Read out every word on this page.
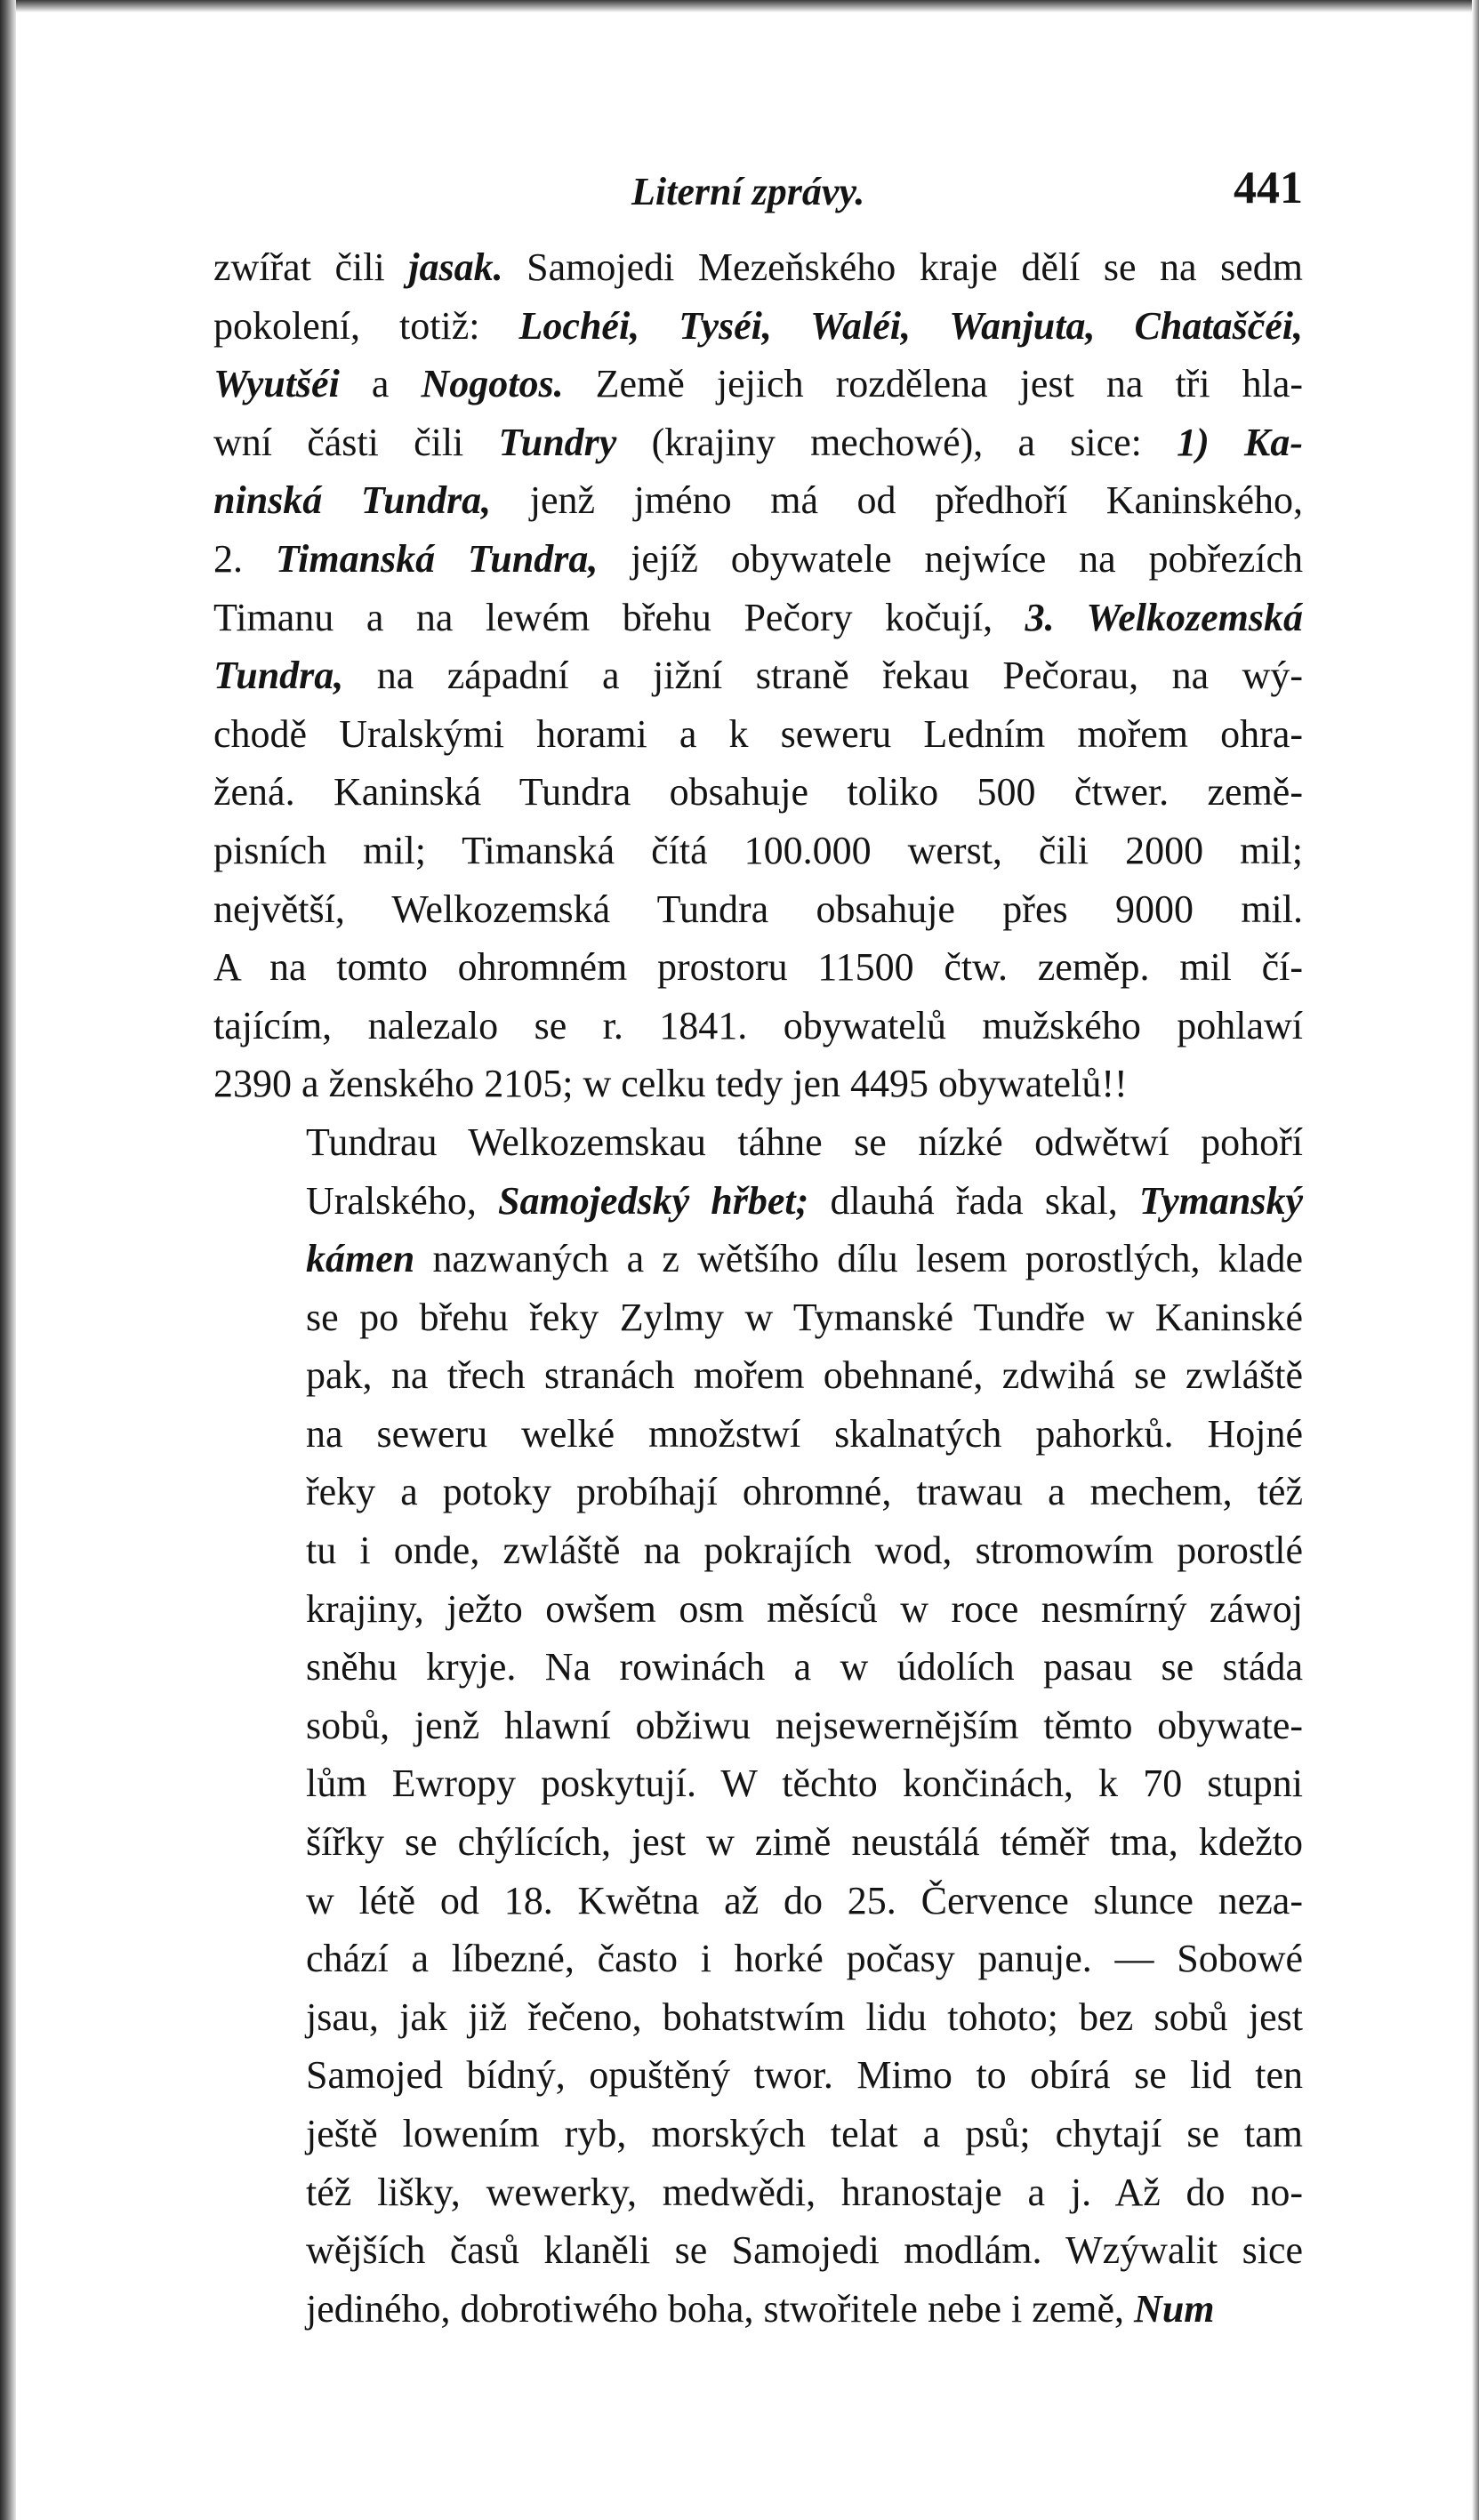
Literní zprávy.	441
zwířat čili jasak. Samojedi Mezeňského kraje dělí se na sedm
pokolení, totiž: Lochéi, Tyséi, Waléi, Wanjuta, Chataščéi,
Wyutšéi a Nogotos. Země jejich rozdělena jest na tři hla-
wní části čili Tundry (krajiny mechowé), a sice: 1) Ka-
ninská Tundra, jenž jméno má od předhoří Kaninského,
2. Timanská Tundra, jejíž obywatele nejwíce na pobřezích
Timanu a na lewém břehu Pečory kočují, 3. Welkozemská
Tundra, na západní a jižní straně řekau Pečorau, na wý-
chodě Uralskými horami a k seweru Ledním mořem ohra-
žená. Kaninská Tundra obsahuje toliko 500 čtwer. země-
pisních mil; Timanská čítá 100.000 werst, čili 2000 mil;
největší, Welkozemská Tundra obsahuje přes 9000 mil.
A na tomto ohromném prostoru 11500 čtw. zeměp. mil čí-
tajícím, nalezalo se r. 1841. obywatelů mužského pohlawí
2390 a ženského 2105; w celku tedy jen 4495 obywatelů!!
Tundrau Welkozemskau táhne se nízké odwětwí pohoří
Uralského, Samojedský hřbet; dlauhá řada skal, Tymanský
kámen nazwaných a z wětšího dílu lesem porostlých, klade
se po břehu řeky Zylmy w Tymanské Tundře w Kaninské
pak, na třech stranách mořem obehnané, zdwihá se zwláště
na seweru welké množstwí skalnatých pahorků. Hojné
řeky a potoky probíhají ohromné, trawau a mechem, též
tu i onde, zwláště na pokrajích wod, stromowím porostlé
krajiny, ježto owšem osm měsíců w roce nesmírný záwoj
sněhu kryje. Na rowinách a w údolích pasau se stáda
sobů, jenž hlawní obžiwu nejsewernějším těmto obywate-
lům Ewropy poskytují. W těchto končinách, k 70 stupni
šířky se chýlících, jest w zimě neustálá téměř tma, kdežto
w létě od 18. Kwětna až do 25. Července slunce neza-
chází a líbezné, často i horké počasy panuje. — Sobowé
jsau, jak již řečeno, bohatstwím lidu tohoto; bez sobů jest
Samojed bídný, opuštěný twor. Mimo to obírá se lid ten
ještě lowením ryb, morských telat a psů; chytají se tam
též lišky, wewerky, medwědi, hranostaje a j. Až do no-
wějších časů klaněli se Samojedi modlám. Wzýwalit sice
jediného, dobrotiwého boha, stwořitele nebe i země, Num
